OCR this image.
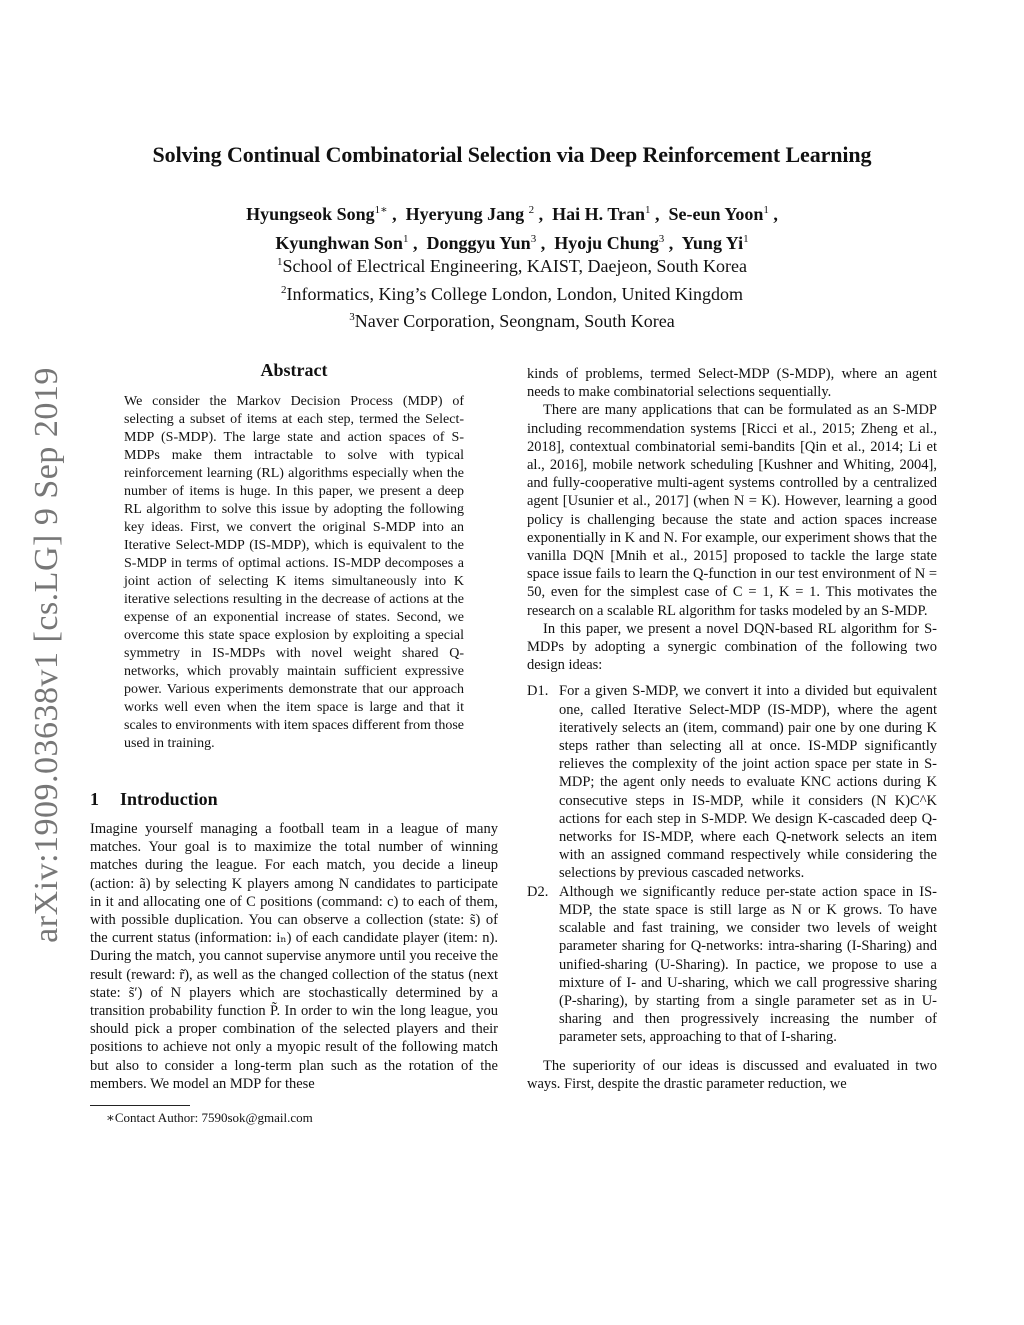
arXiv:1909.03638v1 [cs.LG] 9 Sep 2019
Solving Continual Combinatorial Selection via Deep Reinforcement Learning
Hyungseok Song$^{1∗}$ ,  Hyeryung Jang $^2$ ,  Hai H. Tran$^1$ ,  Se-eun Yoon$^1$ ,
Kyunghwan Son$^1$ ,  Donggyu Yun$^3$ ,  Hyoju Chung$^3$ ,  Yung Yi$^1$
$^1$School of Electrical Engineering, KAIST, Daejeon, South Korea
$^2$Informatics, King’s College London, London, United Kingdom
$^3$Naver Corporation, Seongnam, South Korea
Abstract

We consider the Markov Decision Process (MDP) of selecting a subset of items at each step, termed the Select-MDP (S-MDP). The large state and action spaces of S-MDPs make them intractable to solve with typical reinforcement learning (RL) algorithms especially when the number of items is huge. In this paper, we present a deep RL algorithm to solve this issue by adopting the following key ideas. First, we convert the original S-MDP into an Iterative Select-MDP (IS-MDP), which is equivalent to the S-MDP in terms of optimal actions. IS-MDP decomposes a joint action of selecting K items simultaneously into K iterative selections resulting in the decrease of actions at the expense of an exponential increase of states. Second, we overcome this state space explosion by exploiting a special symmetry in IS-MDPs with novel weight shared Q-networks, which provably maintain sufficient expressive power. Various experiments demonstrate that our approach works well even when the item space is large and that it scales to environments with item spaces different from those used in training.

1 Introduction

Imagine yourself managing a football team in a league of many matches. Your goal is to maximize the total number of winning matches during the league. For each match, you decide a lineup (action: ã) by selecting K players among N candidates to participate in it and allocating one of C positions (command: c) to each of them, with possible duplication. You can observe a collection (state: s̃) of the current status (information: iₙ) of each candidate player (item: n). During the match, you cannot supervise anymore until you receive the result (reward: r̃), as well as the changed collection of the status (next state: s̃′) of N players which are stochastically determined by a transition probability function P̃. In order to win the long league, you should pick a proper combination of the selected players and their positions to achieve not only a myopic result of the following match but also to consider a long-term plan such as the rotation of the members. We model an MDP for these

∗Contact Author: 7590sok@gmail.com

kinds of problems, termed Select-MDP (S-MDP), where an agent needs to make combinatorial selections sequentially.

There are many applications that can be formulated as an S-MDP including recommendation systems [Ricci et al., 2015; Zheng et al., 2018], contextual combinatorial semi-bandits [Qin et al., 2014; Li et al., 2016], mobile network scheduling [Kushner and Whiting, 2004], and fully-cooperative multi-agent systems controlled by a centralized agent [Usunier et al., 2017] (when N = K). However, learning a good policy is challenging because the state and action spaces increase exponentially in K and N. For example, our experiment shows that the vanilla DQN [Mnih et al., 2015] proposed to tackle the large state space issue fails to learn the Q-function in our test environment of N = 50, even for the simplest case of C = 1, K = 1. This motivates the research on a scalable RL algorithm for tasks modeled by an S-MDP.

In this paper, we present a novel DQN-based RL algorithm for S-MDPs by adopting a synergic combination of the following two design ideas:

D1. For a given S-MDP, we convert it into a divided but equivalent one, called Iterative Select-MDP (IS-MDP), where the agent iteratively selects an (item, command) pair one by one during K steps rather than selecting all at once. IS-MDP significantly relieves the complexity of the joint action space per state in S-MDP; the agent only needs to evaluate KNC actions during K consecutive steps in IS-MDP, while it considers (N K)C^K actions for each step in S-MDP. We design K-cascaded deep Q-networks for IS-MDP, where each Q-network selects an item with an assigned command respectively while considering the selections by previous cascaded networks.
D2. Although we significantly reduce per-state action space in IS-MDP, the state space is still large as N or K grows. To have scalable and fast training, we consider two levels of weight parameter sharing for Q-networks: intra-sharing (I-Sharing) and unified-sharing (U-Sharing). In pactice, we propose to use a mixture of I- and U-sharing, which we call progressive sharing (P-sharing), by starting from a single parameter set as in U-sharing and then progressively increasing the number of parameter sets, approaching to that of I-sharing.

The superiority of our ideas is discussed and evaluated in two ways. First, despite the drastic parameter reduction, we
